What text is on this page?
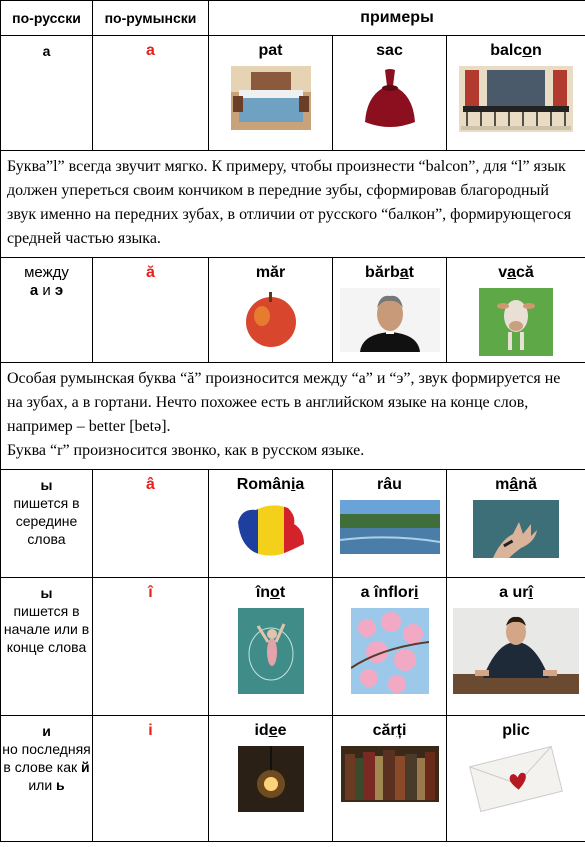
по-русски	по-румынски	примеры		
а	a	pat	sac	balcon

Буква”l” всегда звучит мягко. К примеру, чтобы произнести “balcon”, для “l” язык должен упереться своим кончиком в передние зубы, сформировав благородный звук именно на передних зубах, в отличии от русского “балкон”, формирующегося средней частью языка.				

между
а и э	ă	măr	bărbat	vacă

Особая румынская буква “ă” произносится между “а” и “э”, звук формируется не на зубах, а в гортани. Нечто похожее есть в английском языке на конце слов, например – better [betə].
Буква “r” произносится звонко, как в русском языке.				

ы
пишется в середине слова	â	România	râu	mână

ы
пишется в начале или в конце слова	î	înot	a înflori	a urî

и
но последняя в слове как й или ь	i	idee	cărți	plic
